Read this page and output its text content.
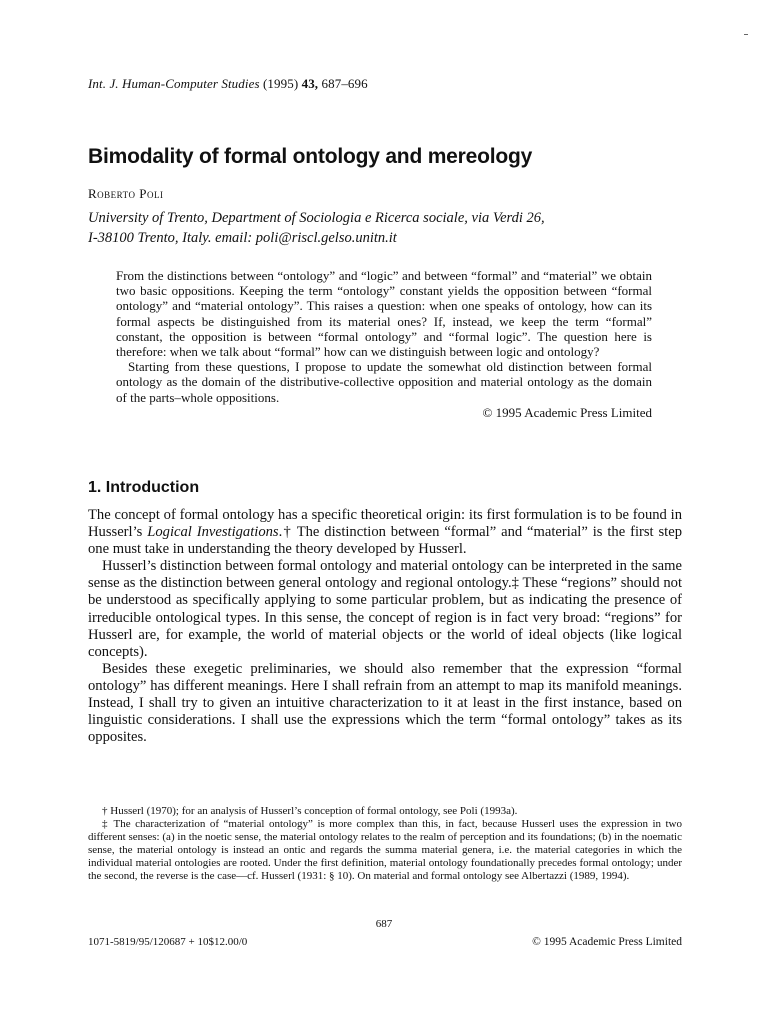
Int. J. Human-Computer Studies (1995) 43, 687–696
Bimodality of formal ontology and mereology
Roberto Poli
University of Trento, Department of Sociologia e Ricerca sociale, via Verdi 26,
I-38100 Trento, Italy. email: poli@riscl.gelso.unitn.it

From the distinctions between “ontology” and “logic” and between “formal” and “material” we obtain two basic oppositions. Keeping the term “ontology” constant yields the opposition between “formal ontology” and “material ontology”. This raises a question: when one speaks of ontology, how can its formal aspects be distinguished from its material ones? If, instead, we keep the term “formal” constant, the opposition is between “formal ontology” and “formal logic”. The question here is therefore: when we talk about “formal” how can we distinguish between logic and ontology?

Starting from these questions, I propose to update the somewhat old distinction between formal ontology as the domain of the distributive-collective opposition and material ontology as the domain of the parts–whole oppositions.

© 1995 Academic Press Limited
1. Introduction

The concept of formal ontology has a specific theoretical origin: its first formulation is to be found in Husserl’s Logical Investigations.† The distinction between “formal” and “material” is the first step one must take in understanding the theory developed by Husserl.

Husserl’s distinction between formal ontology and material ontology can be interpreted in the same sense as the distinction between general ontology and regional ontology.‡ These “regions” should not be understood as specifically applying to some particular problem, but as indicating the presence of irreducible ontological types. In this sense, the concept of region is in fact very broad: “regions” for Husserl are, for example, the world of material objects or the world of ideal objects (like logical concepts).

Besides these exegetic preliminaries, we should also remember that the expression “formal ontology” has different meanings. Here I shall refrain from an attempt to map its manifold meanings. Instead, I shall try to given an intuitive characterization to it at least in the first instance, based on linguistic considerations. I shall use the expressions which the term “formal ontology” takes as its opposites.

† Husserl (1970); for an analysis of Husserl’s conception of formal ontology, see Poli (1993a).

‡ The characterization of “material ontology” is more complex than this, in fact, because Husserl uses the expression in two different senses: (a) in the noetic sense, the material ontology relates to the realm of perception and its foundations; (b) in the noematic sense, the material ontology is instead an ontic and regards the summa material genera, i.e. the material categories in which the individual material ontologies are rooted. Under the first definition, material ontology foundationally precedes formal ontology; under the second, the reverse is the case—cf. Husserl (1931: § 10). On material and formal ontology see Albertazzi (1989, 1994).

687
1071-5819/95/120687 + 10$12.00/0	© 1995 Academic Press Limited
